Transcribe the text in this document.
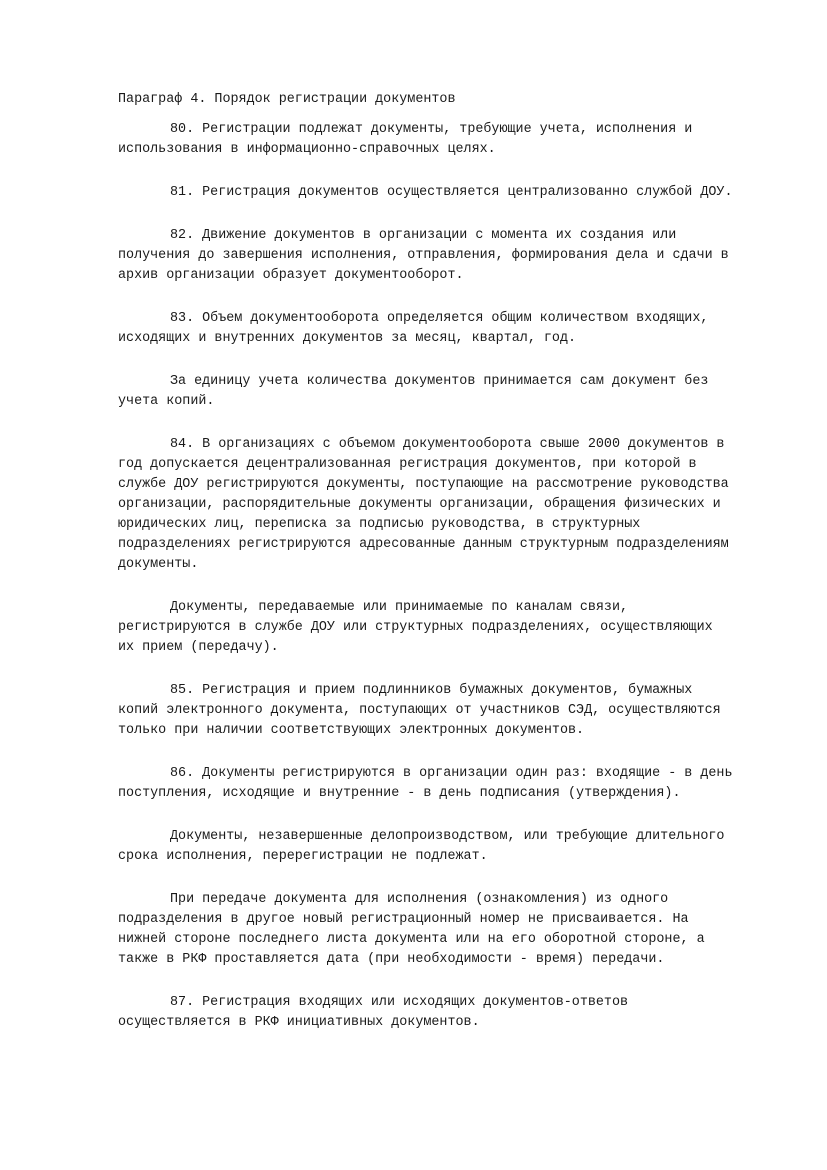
Параграф 4. Порядок регистрации документов
80. Регистрации подлежат документы, требующие учета, исполнения и
использования в информационно-справочных целях.
81. Регистрация документов осуществляется централизованно службой ДОУ.
82. Движение документов в организации с момента их создания или
получения до завершения исполнения, отправления, формирования дела и сдачи в
архив организации образует документооборот.
83. Объем документооборота определяется общим количеством входящих,
исходящих и внутренних документов за месяц, квартал, год.
За единицу учета количества документов принимается сам документ без
учета копий.
84. В организациях с объемом документооборота свыше 2000 документов в
год допускается децентрализованная регистрация документов, при которой в
службе ДОУ регистрируются документы, поступающие на рассмотрение руководства
организации, распорядительные документы организации, обращения физических и
юридических лиц, переписка за подписью руководства, в структурных
подразделениях регистрируются адресованные данным структурным подразделениям
документы.
Документы, передаваемые или принимаемые по каналам связи,
регистрируются в службе ДОУ или структурных подразделениях, осуществляющих
их прием (передачу).
85. Регистрация и прием подлинников бумажных документов, бумажных
копий электронного документа, поступающих от участников СЭД, осуществляются
только при наличии соответствующих электронных документов.
86. Документы регистрируются в организации один раз: входящие - в день
поступления, исходящие и внутренние - в день подписания (утверждения).
Документы, незавершенные делопроизводством, или требующие длительного
срока исполнения, перерегистрации не подлежат.
При передаче документа для исполнения (ознакомления) из одного
подразделения в другое новый регистрационный номер не присваивается. На
нижней стороне последнего листа документа или на его оборотной стороне, а
также в РКФ проставляется дата (при необходимости - время) передачи.
87. Регистрация входящих или исходящих документов-ответов
осуществляется в РКФ инициативных документов.
